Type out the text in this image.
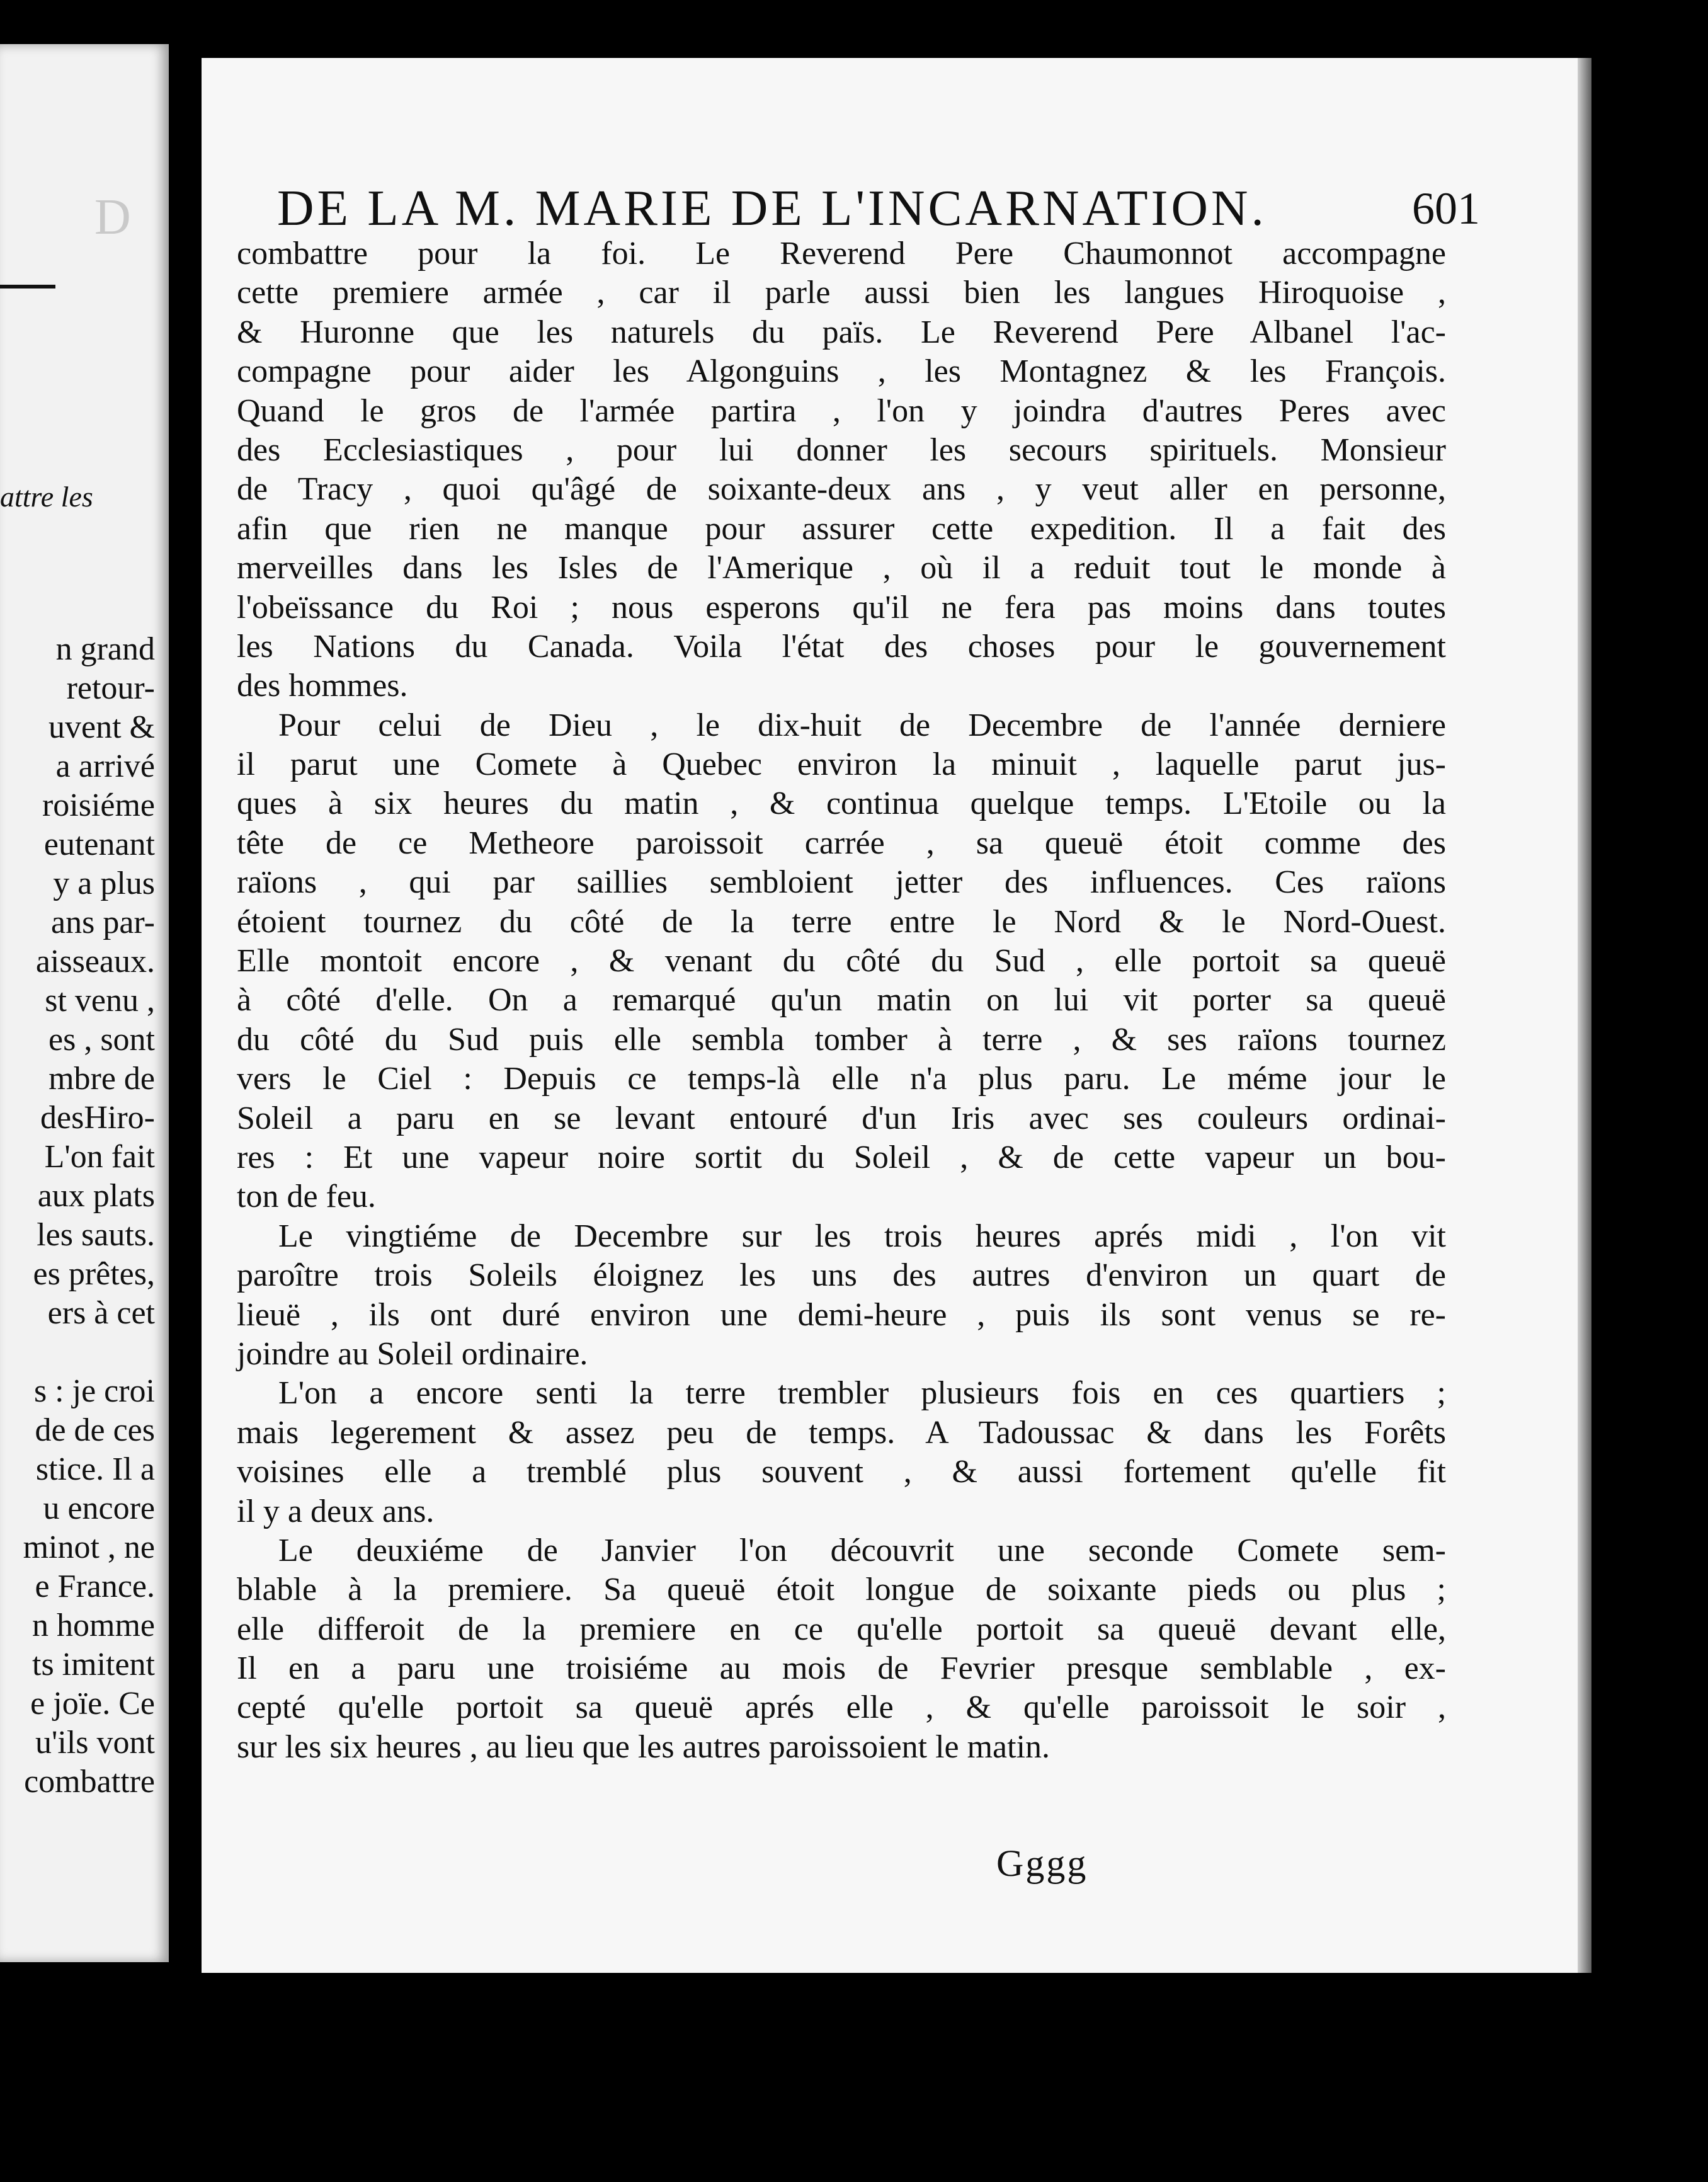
D
attre les
n grand
retour-
uvent &
a arrivé
roisiéme
eutenant
y a plus
ans par-
aisseaux.
st venu ,
es , sont
mbre de
desHiro-
L'on fait
aux plats
les sauts.
es prêtes,
ers à cet
s : je croi
de de ces
stice. Il a
u encore
minot , ne
e France.
n homme
ts imitent
e joïe. Ce
u'ils vont
combattre
DE LA M. MARIE DE L'INCARNATION.	601
combattre pour la foi. Le Reverend Pere Chaumonnot accompagne
cette premiere armée , car il parle aussi bien les langues Hiroquoise ,
& Huronne que les naturels du païs. Le Reverend Pere Albanel l'ac-
compagne pour aider les Algonguins , les Montagnez & les François.
Quand le gros de l'armée partira , l'on y joindra d'autres Peres avec
des Ecclesiastiques , pour lui donner les secours spirituels. Monsieur
de Tracy , quoi qu'âgé de soixante-deux ans , y veut aller en personne,
afin que rien ne manque pour assurer cette expedition. Il a fait des
merveilles dans les Isles de l'Amerique , où il a reduit tout le monde à
l'obeïssance du Roi ; nous esperons qu'il ne fera pas moins dans toutes
les Nations du Canada. Voila l'état des choses pour le gouvernement
des hommes.
Pour celui de Dieu , le dix-huit de Decembre de l'année derniere
il parut une Comete à Quebec environ la minuit , laquelle parut jus-
ques à six heures du matin , & continua quelque temps. L'Etoile ou la
tête de ce Metheore paroissoit carrée , sa queuë étoit comme des
raïons , qui par saillies sembloient jetter des influences. Ces raïons
étoient tournez du côté de la terre entre le Nord & le Nord-Ouest.
Elle montoit encore , & venant du côté du Sud , elle portoit sa queuë
à côté d'elle. On a remarqué qu'un matin on lui vit porter sa queuë
du côté du Sud puis elle sembla tomber à terre , & ses raïons tournez
vers le Ciel : Depuis ce temps-là elle n'a plus paru. Le méme jour le
Soleil a paru en se levant entouré d'un Iris avec ses couleurs ordinai-
res : Et une vapeur noire sortit du Soleil , & de cette vapeur un bou-
ton de feu.
Le vingtiéme de Decembre sur les trois heures aprés midi , l'on vit
paroître trois Soleils éloignez les uns des autres d'environ un quart de
lieuë , ils ont duré environ une demi-heure , puis ils sont venus se re-
joindre au Soleil ordinaire.
L'on a encore senti la terre trembler plusieurs fois en ces quartiers ;
mais legerement & assez peu de temps. A Tadoussac & dans les Forêts
voisines elle a tremblé plus souvent , & aussi fortement qu'elle fit
il y a deux ans.
Le deuxiéme de Janvier l'on découvrit une seconde Comete sem-
blable à la premiere. Sa queuë étoit longue de soixante pieds ou plus ;
elle differoit de la premiere en ce qu'elle portoit sa queuë devant elle,
Il en a paru une troisiéme au mois de Fevrier presque semblable , ex-
cepté qu'elle portoit sa queuë aprés elle , & qu'elle paroissoit le soir ,
sur les six heures , au lieu que les autres paroissoient le matin.
Gggg
